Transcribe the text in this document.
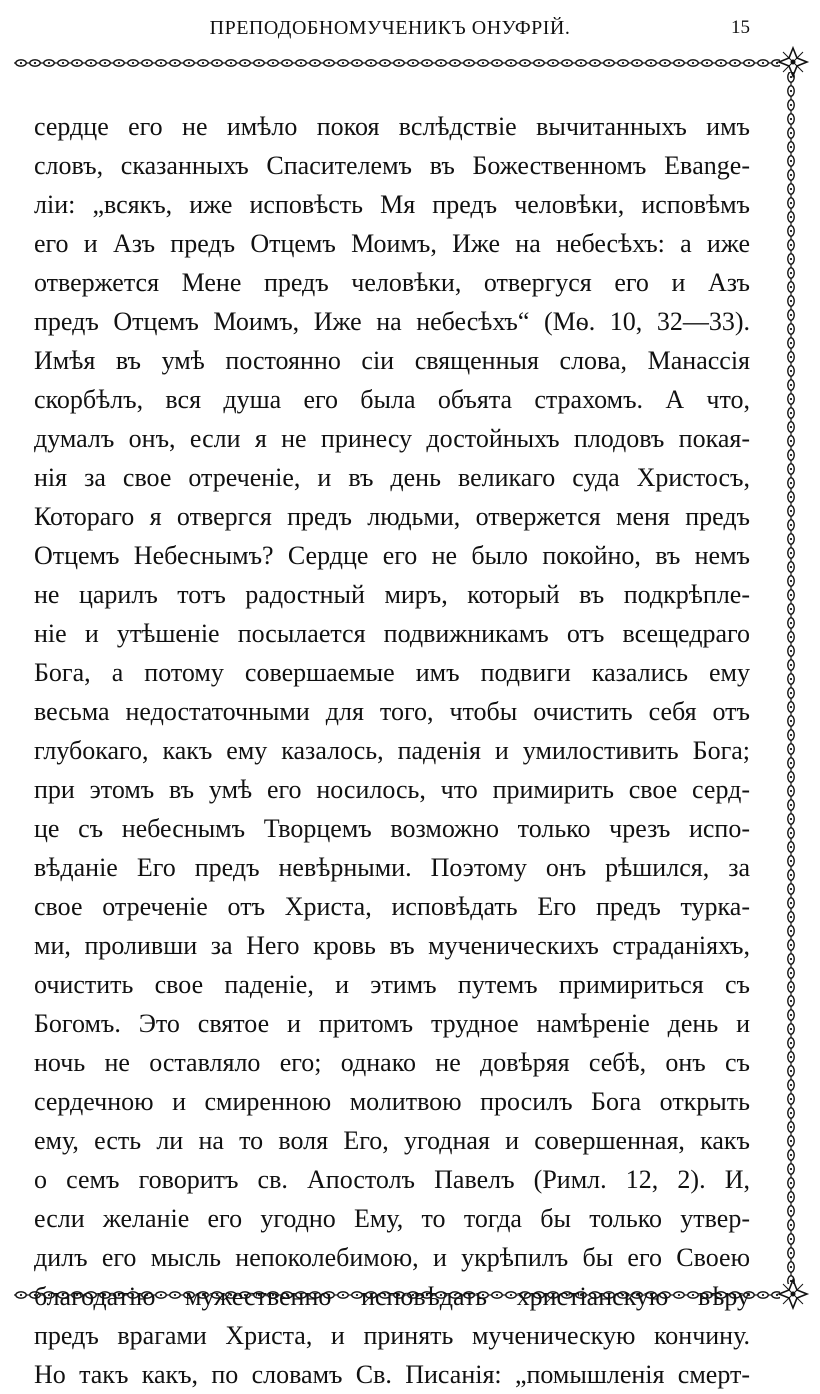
ПРЕПОДОБНОМУЧЕНИКЪ ОНУФРІЙ.	15
сердце его не имѣло покоя вслѣдствіе вычитанныхъ имъ
словъ, сказанныхъ Спасителемъ въ Божественномъ Евange-
ліи: „всякъ, иже исповѣсть Мя предъ человѣки, исповѣмъ
его и Азъ предъ Отцемъ Моимъ, Иже на небесѣхъ: а иже
отвержется Мене предъ человѣки, отвергуся его и Азъ
предъ Отцемъ Моимъ, Иже на небесѣхъ“ (Мѳ. 10, 32—33).
Имѣя въ умѣ постоянно сіи священныя слова, Манассія
скорбѣлъ, вся душа его была объята страхомъ. А что,
думалъ онъ, если я не принесу достойныхъ плодовъ покая-
нія за свое отреченіе, и въ день великаго суда Христосъ,
Котораго я отвергся предъ людьми, отвержется меня предъ
Отцемъ Небеснымъ? Сердце его не было покойно, въ немъ
не царилъ тотъ радостный миръ, который въ подкрѣпле-
ніе и утѣшеніе посылается подвижникамъ отъ всещедраго
Бога, а потому совершаемые имъ подвиги казались ему
весьма недостаточными для того, чтобы очистить себя отъ
глубокаго, какъ ему казалось, паденія и умилостивить Бога;
при этомъ въ умѣ его носилось, что примирить свое серд-
це съ небеснымъ Творцемъ возможно только чрезъ испо-
вѣданіе Его предъ невѣрными. Поэтому онъ рѣшился, за
свое отреченіе отъ Христа, исповѣдать Его предъ турка-
ми, проливши за Него кровь въ мученическихъ страданіяхъ,
очистить свое паденіе, и этимъ путемъ примириться съ
Богомъ. Это святое и притомъ трудное намѣреніе день и
ночь не оставляло его; однако не довѣряя себѣ, онъ съ
сердечною и смиренною молитвою просилъ Бога открыть
ему, есть ли на то воля Его, угодная и совершенная, какъ
о семъ говоритъ св. Апостолъ Павелъ (Римл. 12, 2). И,
если желаніе его угодно Ему, то тогда бы только утвер-
дилъ его мысль непоколебимою, и укрѣпилъ бы его Своею
благодатію мужественно исповѣдать христіанскую вѣру
предъ врагами Христа, и принять мученическую кончину.
Но такъ какъ, по словамъ Св. Писанія: „помышленія смерт-
